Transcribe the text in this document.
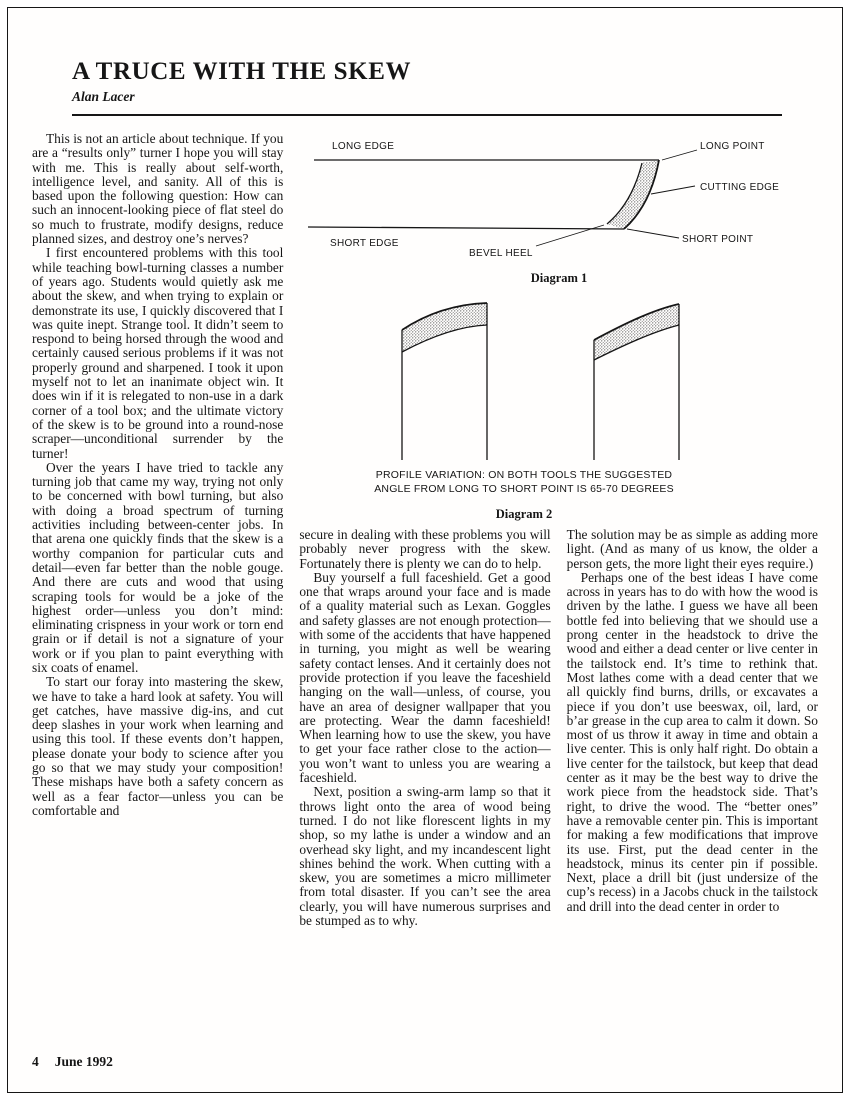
A TRUCE WITH THE SKEW
Alan Lacer

This is not an article about technique. If you are a “results only” turner I hope you will stay with me. This is really about self-worth, intelligence level, and sanity. All of this is based upon the following question: How can such an innocent-looking piece of flat steel do so much to frustrate, modify designs, reduce planned sizes, and destroy one’s nerves?

I first encountered problems with this tool while teaching bowl-turning classes a number of years ago. Students would quietly ask me about the skew, and when trying to explain or demonstrate its use, I quickly discovered that I was quite inept. Strange tool. It didn’t seem to respond to being horsed through the wood and certainly caused serious problems if it was not properly ground and sharpened. I took it upon myself not to let an inanimate object win. It does win if it is relegated to non-use in a dark corner of a tool box; and the ultimate victory of the skew is to be ground into a round-nose scraper—unconditional surrender by the turner!

Over the years I have tried to tackle any turning job that came my way, trying not only to be concerned with bowl turning, but also with doing a broad spectrum of turning activities including between-center jobs. In that arena one quickly finds that the skew is a worthy companion for particular cuts and detail—even far better than the noble gouge. And there are cuts and wood that using scraping tools for would be a joke of the highest order—unless you don’t mind: eliminating crispness in your work or torn end grain or if detail is not a signature of your work or if you plan to paint everything with six coats of enamel.

To start our foray into mastering the skew, we have to take a hard look at safety. You will get catches, have massive dig-ins, and cut deep slashes in your work when learning and using this tool. If these events don’t happen, please donate your body to science after you go so that we may study your composition! These mishaps have both a safety concern as well as a fear factor—unless you can be comfortable and

LONG EDGE	LONG POINT
CUTTING EDGE
SHORT EDGE
BEVEL HEEL
SHORT POINT
Diagram 1
PROFILE VARIATION: ON BOTH TOOLS THE SUGGESTED
ANGLE FROM LONG TO SHORT POINT IS 65-70 DEGREES
Diagram 2

secure in dealing with these problems you will probably never progress with the skew. Fortunately there is plenty we can do to help.

Buy yourself a full faceshield. Get a good one that wraps around your face and is made of a quality material such as Lexan. Goggles and safety glasses are not enough protection—with some of the accidents that have happened in turning, you might as well be wearing safety contact lenses. And it certainly does not provide protection if you leave the faceshield hanging on the wall—unless, of course, you have an area of designer wallpaper that you are protecting. Wear the damn faceshield! When learning how to use the skew, you have to get your face rather close to the action—you won’t want to unless you are wearing a faceshield.

Next, position a swing-arm lamp so that it throws light onto the area of wood being turned. I do not like florescent lights in my shop, so my lathe is under a window and an overhead sky light, and my incandescent light shines behind the work. When cutting with a skew, you are sometimes a micro millimeter from total disaster. If you can’t see the area clearly, you will have numerous surprises and be stumped as to why.

The solution may be as simple as adding more light. (And as many of us know, the older a person gets, the more light their eyes require.)

Perhaps one of the best ideas I have come across in years has to do with how the wood is driven by the lathe. I guess we have all been bottle fed into believing that we should use a prong center in the headstock to drive the wood and either a dead center or live center in the tailstock end. It’s time to rethink that. Most lathes come with a dead center that we all quickly find burns, drills, or excavates a piece if you don’t use beeswax, oil, lard, or b’ar grease in the cup area to calm it down. So most of us throw it away in time and obtain a live center. This is only half right. Do obtain a live center for the tailstock, but keep that dead center as it may be the best way to drive the work piece from the headstock side. That’s right, to drive the wood. The “better ones” have a removable center pin. This is important for making a few modifications that improve its use. First, put the dead center in the headstock, minus its center pin if possible. Next, place a drill bit (just undersize of the cup’s recess) in a Jacobs chuck in the tailstock and drill into the dead center in order to

4 June 1992
